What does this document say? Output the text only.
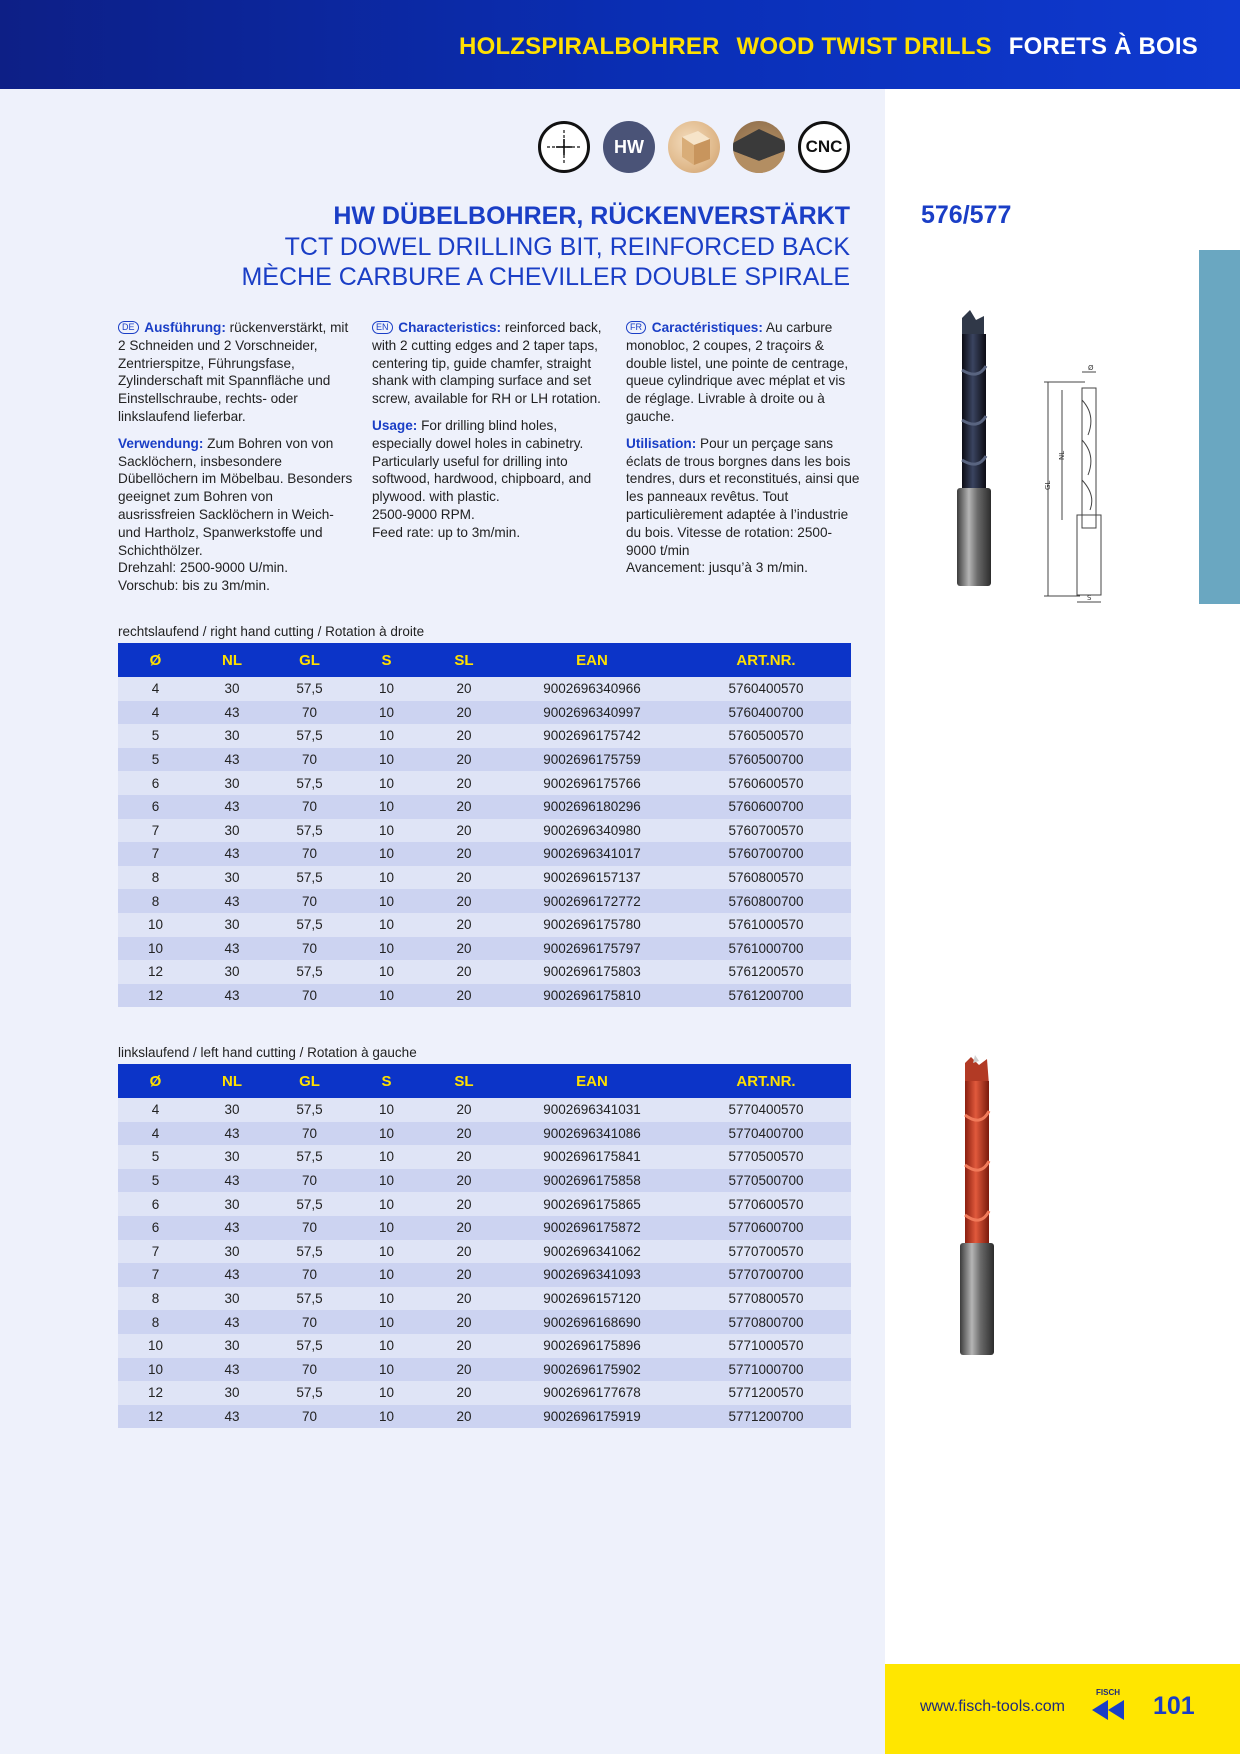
HOLZSPIRALBOHRER WOOD TWIST DRILLS FORETS À BOIS
HW	CNC
HW DÜBELBOHRER, RÜCKENVERSTÄRKT
TCT DOWEL DRILLING BIT, REINFORCED BACK
MÈCHE CARBURE A CHEVILLER DOUBLE SPIRALE
576/577

DE Ausführung: rückenverstärkt, mit 2 Schneiden und 2 Vorschneider, Zentrierspitze, Führungsfase, Zylinderschaft mit Spannfläche und Einstellschraube, rechts- oder linkslaufend lieferbar.

Verwendung: Zum Bohren von von Sacklöchern, insbesondere Dübellöchern im Möbelbau. Besonders geeignet zum Bohren von ausrissfreien Sacklöchern in Weich- und Hartholz, Spanwerkstoffe und Schichthölzer.
Drehzahl: 2500-9000 U/min.
Vorschub: bis zu 3m/min.

EN Characteristics: reinforced back, with 2 cutting edges and 2 taper taps, centering tip, guide chamfer, straight shank with clamping surface and set screw, available for RH or LH rotation.

Usage: For drilling blind holes, especially dowel holes in cabinetry. Particularly useful for drilling into softwood, hardwood, chipboard, and plywood. with plastic.
2500-9000 RPM.
Feed rate: up to 3m/min.

FR Caractéristiques: Au carbure monobloc, 2 coupes, 2 traçoirs & double listel, une pointe de centrage, queue cylindrique avec méplat et vis de réglage. Livrable à droite ou à gauche.

Utilisation: Pour un perçage sans éclats de trous borgnes dans les bois tendres, durs et reconstitués, ainsi que les panneaux revêtus. Tout particulièrement adaptée à l’industrie du bois. Vitesse de rotation: 2500-9000 t/min
Avancement: jusqu’à 3 m/min.

rechtslaufend / right hand cutting / Rotation à droite
Ø	NL	GL	S	SL	EAN	ART.NR.
4	30	57,5	10	20	9002696340966	5760400570
4	43	70	10	20	9002696340997	5760400700
5	30	57,5	10	20	9002696175742	5760500570
5	43	70	10	20	9002696175759	5760500700
6	30	57,5	10	20	9002696175766	5760600570
6	43	70	10	20	9002696180296	5760600700
7	30	57,5	10	20	9002696340980	5760700570
7	43	70	10	20	9002696341017	5760700700
8	30	57,5	10	20	9002696157137	5760800570
8	43	70	10	20	9002696172772	5760800700
10	30	57,5	10	20	9002696175780	5761000570
10	43	70	10	20	9002696175797	5761000700
12	30	57,5	10	20	9002696175803	5761200570
12	43	70	10	20	9002696175810	5761200700
linkslaufend / left hand cutting / Rotation à gauche
Ø	NL	GL	S	SL	EAN	ART.NR.
4	30	57,5	10	20	9002696341031	5770400570
4	43	70	10	20	9002696341086	5770400700
5	30	57,5	10	20	9002696175841	5770500570
5	43	70	10	20	9002696175858	5770500700
6	30	57,5	10	20	9002696175865	5770600570
6	43	70	10	20	9002696175872	5770600700
7	30	57,5	10	20	9002696341062	5770700570
7	43	70	10	20	9002696341093	5770700700
8	30	57,5	10	20	9002696157120	5770800570
8	43	70	10	20	9002696168690	5770800700
10	30	57,5	10	20	9002696175896	5771000570
10	43	70	10	20	9002696175902	5771000700
12	30	57,5	10	20	9002696177678	5771200570
12	43	70	10	20	9002696175919	5771200700
Ø
NL
GL
S
www.fisch-tools.com
FISCH 101
